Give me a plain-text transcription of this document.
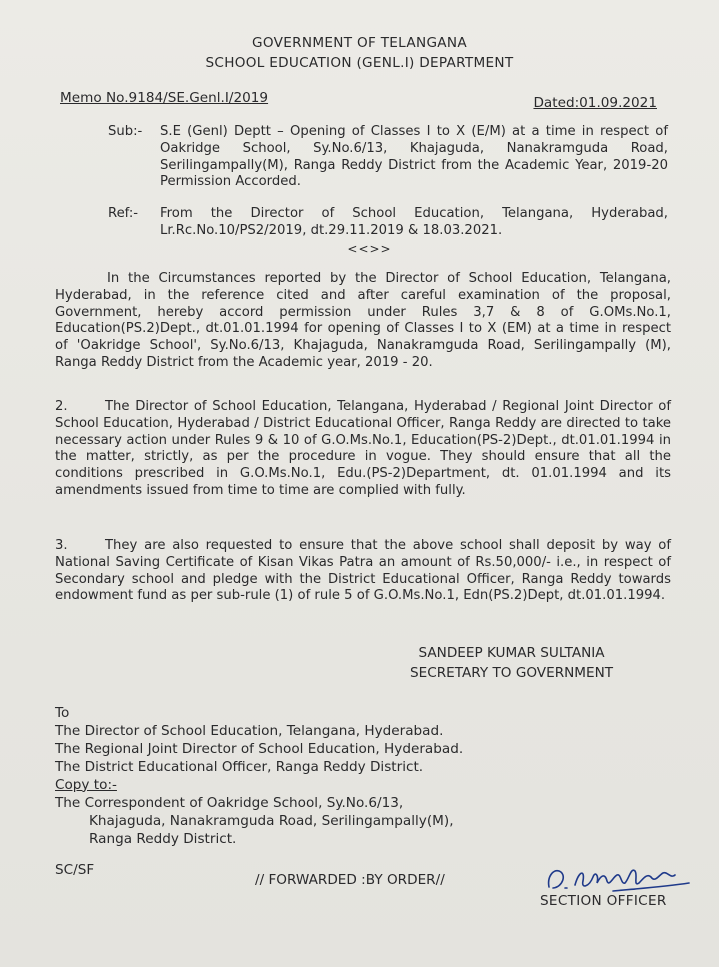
GOVERNMENT OF TELANGANA
SCHOOL EDUCATION (GENL.I) DEPARTMENT
Memo No.9184/SE.Genl.I/2019	Dated:01.09.2021
Sub:-	S.E (Genl) Deptt – Opening of Classes I to X (E/M) at a time in respect of Oakridge School, Sy.No.6/13, Khajaguda, Nanakramguda Road, Serilingampally(M), Ranga Reddy District from the Academic Year, 2019-20 Permission Accorded.
Ref:-	From the Director of School Education, Telangana, Hyderabad, Lr.Rc.No.10/PS2/2019, dt.29.11.2019 & 18.03.2021.
<<>>
In the Circumstances reported by the Director of School Education, Telangana, Hyderabad, in the reference cited and after careful examination of the proposal, Government, hereby accord permission under Rules 3,7 & 8 of G.OMs.No.1, Education(PS.2)Dept., dt.01.01.1994 for opening of Classes I to X (EM) at a time in respect of 'Oakridge School', Sy.No.6/13, Khajaguda, Nanakramguda Road, Serilingampally (M), Ranga Reddy District from the Academic year, 2019 - 20.
2.	The Director of School Education, Telangana, Hyderabad / Regional Joint Director of School Education, Hyderabad / District Educational Officer, Ranga Reddy are directed to take necessary action under Rules 9 & 10 of G.O.Ms.No.1, Education(PS-2)Dept., dt.01.01.1994 in the matter, strictly, as per the procedure in vogue. They should ensure that all the conditions prescribed in G.O.Ms.No.1, Edu.(PS-2)Department, dt. 01.01.1994 and its amendments issued from time to time are complied with fully.
3.	They are also requested to ensure that the above school shall deposit by way of National Saving Certificate of Kisan Vikas Patra an amount of Rs.50,000/- i.e., in respect of Secondary school and pledge with the District Educational Officer, Ranga Reddy towards endowment fund as per sub-rule (1) of rule 5 of G.O.Ms.No.1, Edn(PS.2)Dept, dt.01.01.1994.
SANDEEP KUMAR SULTANIA
SECRETARY TO GOVERNMENT
To
The Director of School Education, Telangana, Hyderabad.
The Regional Joint Director of School Education, Hyderabad.
The District Educational Officer, Ranga Reddy District.
Copy to:-
The Correspondent of Oakridge School, Sy.No.6/13,
Khajaguda, Nanakramguda Road, Serilingampally(M),
Ranga Reddy District.
SC/SF
// FORWARDED :BY ORDER//
SECTION OFFICER
